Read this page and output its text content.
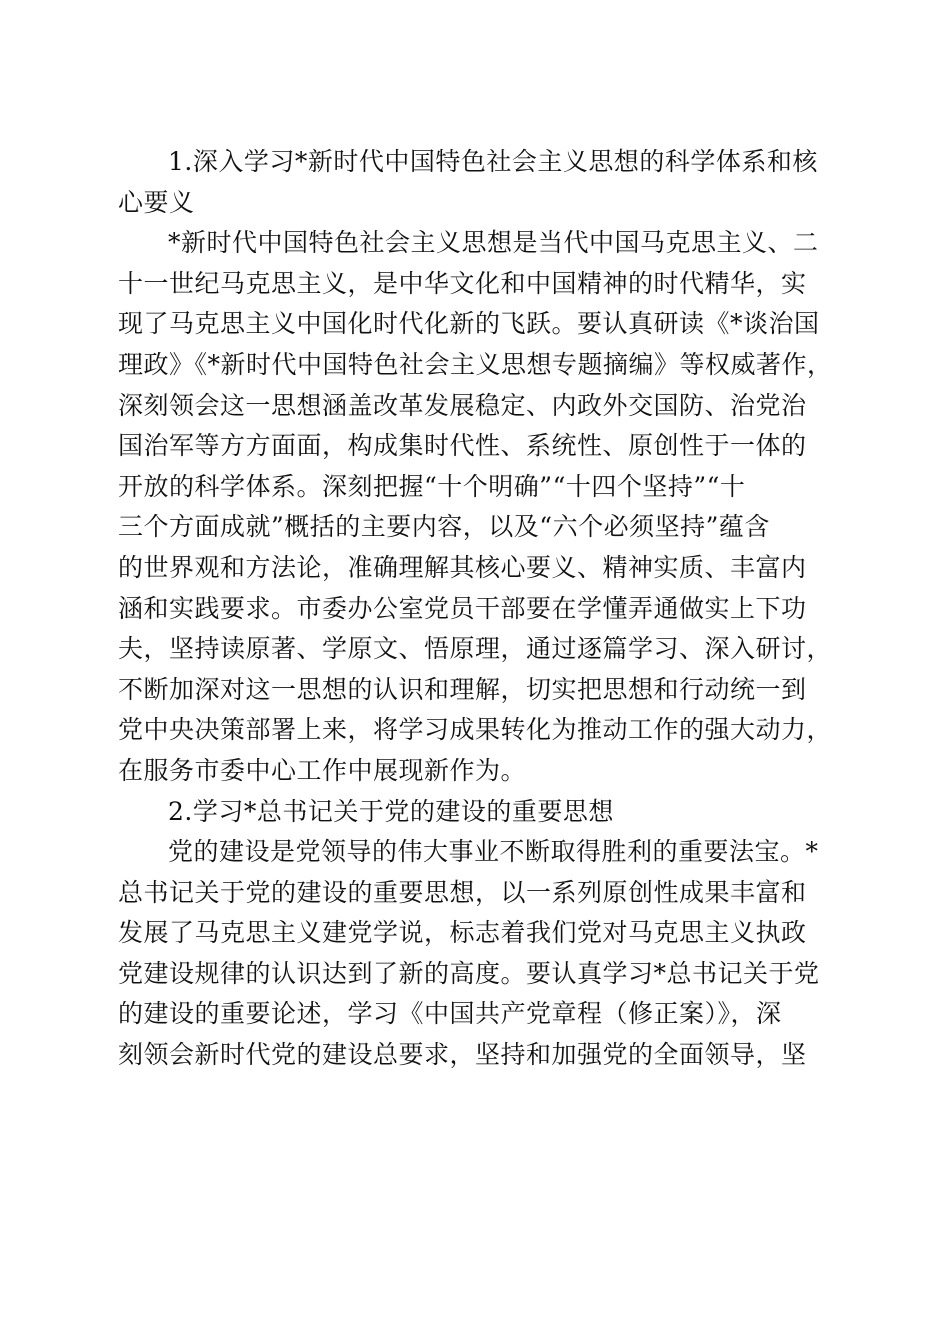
1.深入学习*新时代中国特色社会主义思想的科学体系和核
心要义
*新时代中国特色社会主义思想是当代中国马克思主义、二
十一世纪马克思主义，是中华文化和中国精神的时代精华，实
现了马克思主义中国化时代化新的飞跃。要认真研读《*谈治国
理政》《*新时代中国特色社会主义思想专题摘编》等权威著作，
深刻领会这一思想涵盖改革发展稳定、内政外交国防、治党治
国治军等方方面面，构成集时代性、系统性、原创性于一体的
开放的科学体系。深刻把握“十个明确”“十四个坚持”“十
三个方面成就”概括的主要内容，以及“六个必须坚持”蕴含
的世界观和方法论，准确理解其核心要义、精神实质、丰富内
涵和实践要求。市委办公室党员干部要在学懂弄通做实上下功
夫，坚持读原著、学原文、悟原理，通过逐篇学习、深入研讨，
不断加深对这一思想的认识和理解，切实把思想和行动统一到
党中央决策部署上来，将学习成果转化为推动工作的强大动力，
在服务市委中心工作中展现新作为。
2.学习*总书记关于党的建设的重要思想
党的建设是党领导的伟大事业不断取得胜利的重要法宝。*
总书记关于党的建设的重要思想，以一系列原创性成果丰富和
发展了马克思主义建党学说，标志着我们党对马克思主义执政
党建设规律的认识达到了新的高度。要认真学习*总书记关于党
的建设的重要论述，学习《中国共产党章程（修正案）》，深
刻领会新时代党的建设总要求，坚持和加强党的全面领导，坚
